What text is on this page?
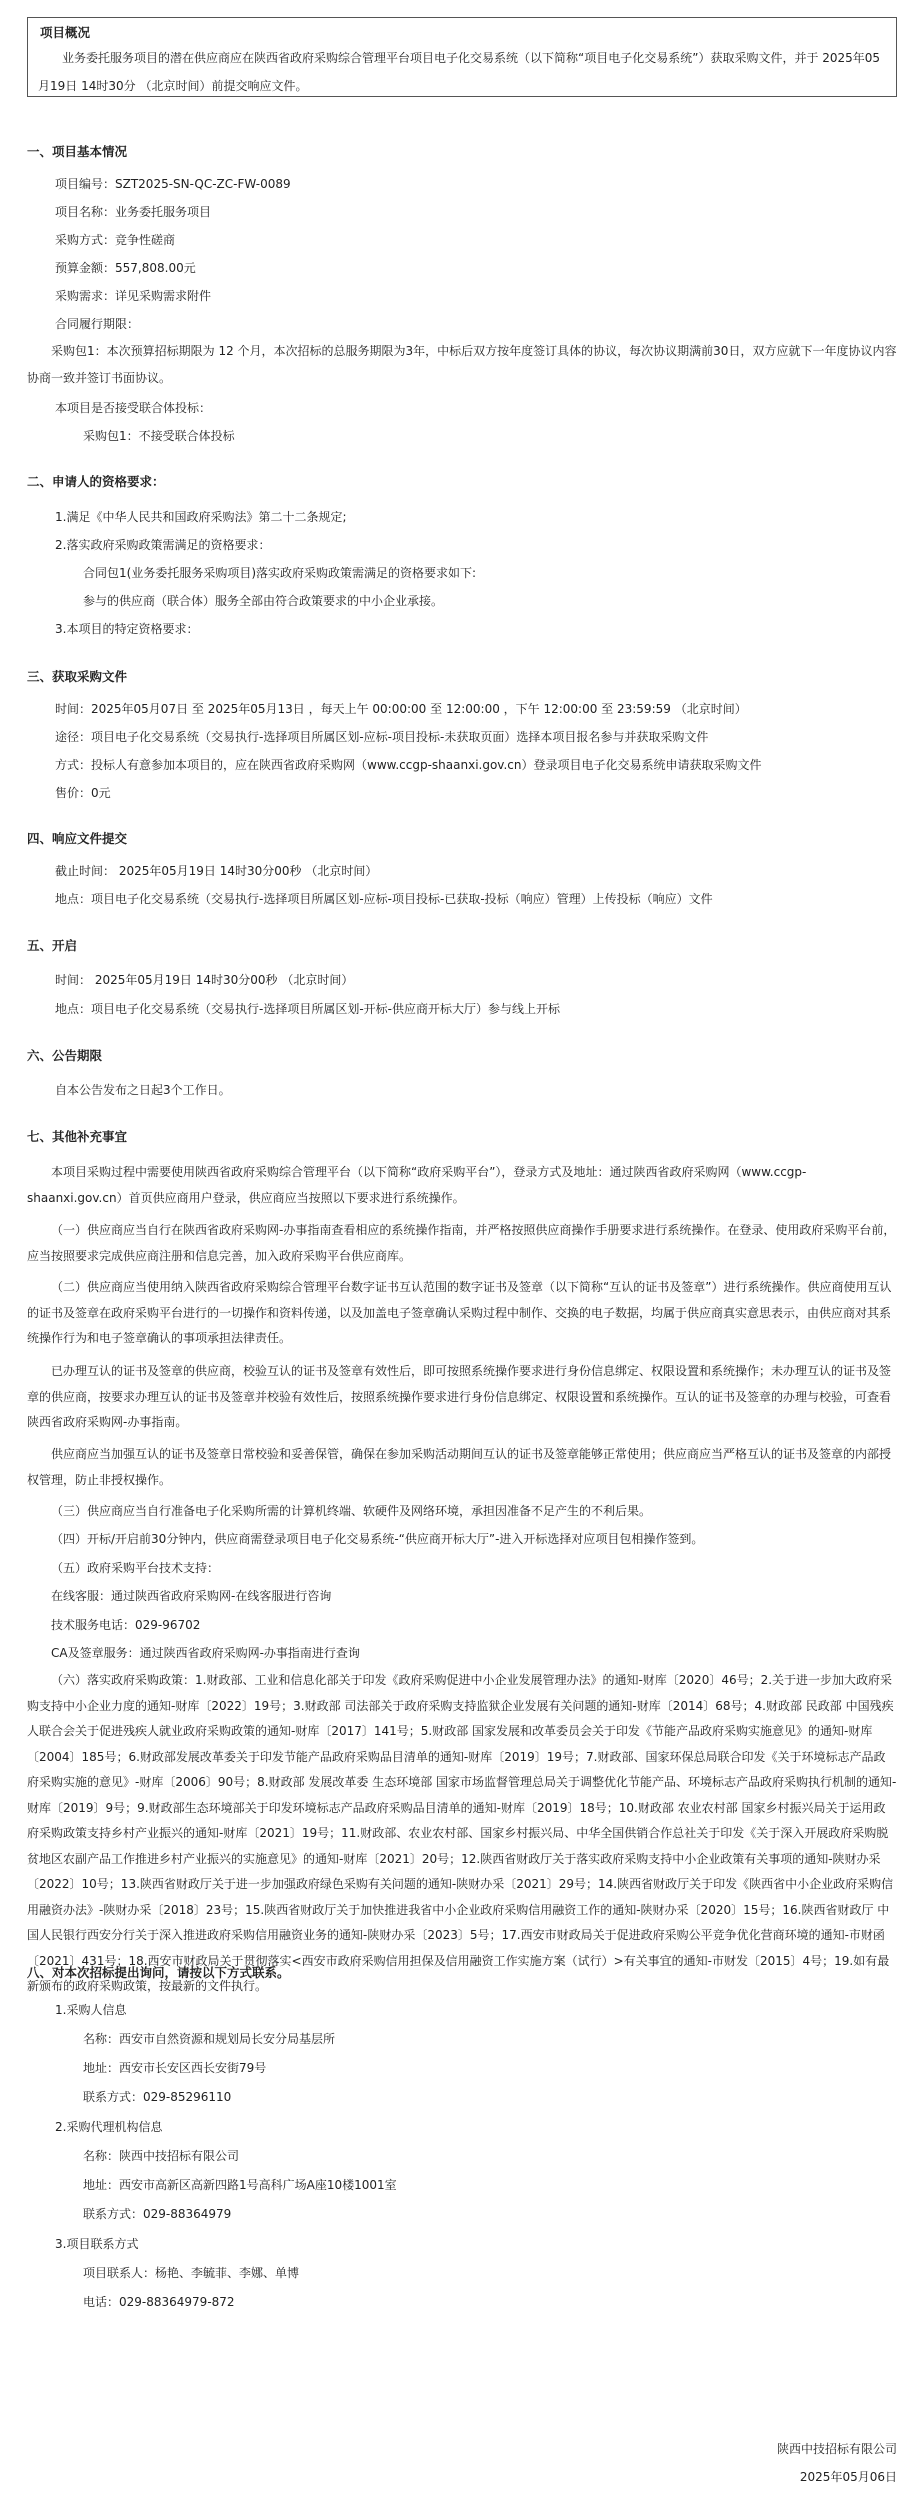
项目概况
业务委托服务项目的潜在供应商应在陕西省政府采购综合管理平台项目电子化交易系统（以下简称“项目电子化交易系统”）获取采购文件，并于 2025年05月19日 14时30分 （北京时间）前提交响应文件。
一、项目基本情况
项目编号：SZT2025-SN-QC-ZC-FW-0089
项目名称：业务委托服务项目
采购方式：竞争性磋商
预算金额：557,808.00元
采购需求：详见采购需求附件
合同履行期限：
采购包1：本次预算招标期限为 12 个月，本次招标的总服务期限为3年，中标后双方按年度签订具体的协议，每次协议期满前30日，双方应就下一年度协议内容协商一致并签订书面协议。
本项目是否接受联合体投标：
采购包1：不接受联合体投标
二、申请人的资格要求：
1.满足《中华人民共和国政府采购法》第二十二条规定;
2.落实政府采购政策需满足的资格要求：
合同包1(业务委托服务采购项目)落实政府采购政策需满足的资格要求如下:
参与的供应商（联合体）服务全部由符合政策要求的中小企业承接。
3.本项目的特定资格要求：
三、获取采购文件
时间：2025年05月07日 至 2025年05月13日 ，每天上午 00:00:00 至 12:00:00 ，下午 12:00:00 至 23:59:59 （北京时间）
途径：项目电子化交易系统（交易执行-选择项目所属区划-应标-项目投标-未获取页面）选择本项目报名参与并获取采购文件
方式：投标人有意参加本项目的，应在陕西省政府采购网（www.ccgp-shaanxi.gov.cn）登录项目电子化交易系统申请获取采购文件
售价：0元
四、响应文件提交
截止时间： 2025年05月19日 14时30分00秒 （北京时间）
地点：项目电子化交易系统（交易执行-选择项目所属区划-应标-项目投标-已获取-投标（响应）管理）上传投标（响应）文件
五、开启
时间： 2025年05月19日 14时30分00秒 （北京时间）
地点：项目电子化交易系统（交易执行-选择项目所属区划-开标-供应商开标大厅）参与线上开标
六、公告期限
自本公告发布之日起3个工作日。
七、其他补充事宜
本项目采购过程中需要使用陕西省政府采购综合管理平台（以下简称“政府采购平台”），登录方式及地址：通过陕西省政府采购网（www.ccgp-shaanxi.gov.cn）首页供应商用户登录，供应商应当按照以下要求进行系统操作。
（一）供应商应当自行在陕西省政府采购网-办事指南查看相应的系统操作指南，并严格按照供应商操作手册要求进行系统操作。在登录、使用政府采购平台前，应当按照要求完成供应商注册和信息完善，加入政府采购平台供应商库。
（二）供应商应当使用纳入陕西省政府采购综合管理平台数字证书互认范围的数字证书及签章（以下简称“互认的证书及签章”）进行系统操作。供应商使用互认的证书及签章在政府采购平台进行的一切操作和资料传递，以及加盖电子签章确认采购过程中制作、交换的电子数据，均属于供应商真实意思表示，由供应商对其系统操作行为和电子签章确认的事项承担法律责任。
已办理互认的证书及签章的供应商，校验互认的证书及签章有效性后，即可按照系统操作要求进行身份信息绑定、权限设置和系统操作；未办理互认的证书及签章的供应商，按要求办理互认的证书及签章并校验有效性后，按照系统操作要求进行身份信息绑定、权限设置和系统操作。互认的证书及签章的办理与校验，可查看陕西省政府采购网-办事指南。
供应商应当加强互认的证书及签章日常校验和妥善保管，确保在参加采购活动期间互认的证书及签章能够正常使用；供应商应当严格互认的证书及签章的内部授权管理，防止非授权操作。
（三）供应商应当自行准备电子化采购所需的计算机终端、软硬件及网络环境，承担因准备不足产生的不利后果。
（四）开标/开启前30分钟内，供应商需登录项目电子化交易系统-“供应商开标大厅”-进入开标选择对应项目包相操作签到。
（五）政府采购平台技术支持：
在线客服：通过陕西省政府采购网-在线客服进行咨询
技术服务电话：029-96702
CA及签章服务：通过陕西省政府采购网-办事指南进行查询
（六）落实政府采购政策：1.财政部、工业和信息化部关于印发《政府采购促进中小企业发展管理办法》的通知-财库〔2020〕46号；2.关于进一步加大政府采购支持中小企业力度的通知-财库〔2022〕19号；3.财政部 司法部关于政府采购支持监狱企业发展有关问题的通知-财库〔2014〕68号；4.财政部 民政部 中国残疾人联合会关于促进残疾人就业政府采购政策的通知-财库〔2017〕141号；5.财政部 国家发展和改革委员会关于印发《节能产品政府采购实施意见》的通知-财库〔2004〕185号；6.财政部发展改革委关于印发节能产品政府采购品目清单的通知-财库〔2019〕19号；7.财政部、国家环保总局联合印发《关于环境标志产品政府采购实施的意见》-财库〔2006〕90号；8.财政部 发展改革委 生态环境部 国家市场监督管理总局关于调整优化节能产品、环境标志产品政府采购执行机制的通知-财库〔2019〕9号；9.财政部生态环境部关于印发环境标志产品政府采购品目清单的通知-财库〔2019〕18号；10.财政部 农业农村部 国家乡村振兴局关于运用政府采购政策支持乡村产业振兴的通知-财库〔2021〕19号；11.财政部、农业农村部、国家乡村振兴局、中华全国供销合作总社关于印发《关于深入开展政府采购脱贫地区农副产品工作推进乡村产业振兴的实施意见》的通知-财库〔2021〕20号；12.陕西省财政厅关于落实政府采购支持中小企业政策有关事项的通知-陕财办采〔2022〕10号；13.陕西省财政厅关于进一步加强政府绿色采购有关问题的通知-陕财办采〔2021〕29号；14.陕西省财政厅关于印发《陕西省中小企业政府采购信用融资办法》-陕财办采〔2018〕23号；15.陕西省财政厅关于加快推进我省中小企业政府采购信用融资工作的通知-陕财办采〔2020〕15号；16.陕西省财政厅 中国人民银行西安分行关于深入推进政府采购信用融资业务的通知-陕财办采〔2023〕5号；17.西安市财政局关于促进政府采购公平竞争优化营商环境的通知-市财函〔2021〕431号；18.西安市财政局关于贯彻落实<西安市政府采购信用担保及信用融资工作实施方案（试行）>有关事宜的通知-市财发〔2015〕4号；19.如有最新颁布的政府采购政策，按最新的文件执行。
八、对本次招标提出询问，请按以下方式联系。
1.采购人信息
名称：西安市自然资源和规划局长安分局基层所
地址：西安市长安区西长安街79号
联系方式：029-85296110
2.采购代理机构信息
名称：陕西中技招标有限公司
地址：西安市高新区高新四路1号高科广场A座10楼1001室
联系方式：029-88364979
3.项目联系方式
项目联系人：杨艳、李毓菲、李娜、单博
电话：029-88364979-872
陕西中技招标有限公司
2025年05月06日
